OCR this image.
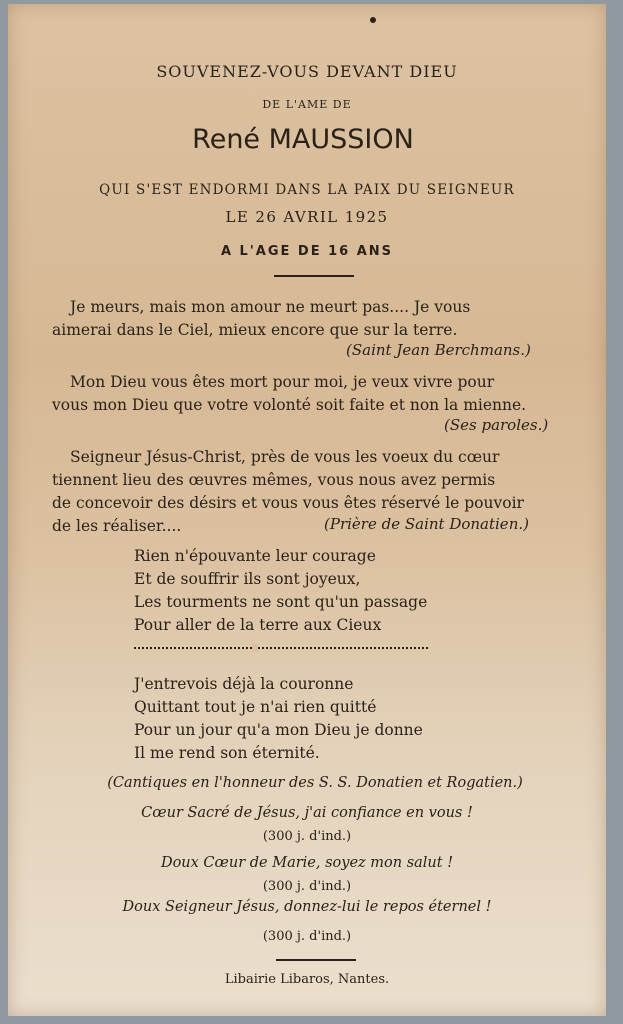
SOUVENEZ-VOUS DEVANT DIEU
DE L'AME DE
René MAUSSION
QUI S'EST ENDORMI DANS LA PAIX DU SEIGNEUR
LE 26 AVRIL 1925
A L'AGE DE 16 ANS
Je meurs, mais mon amour ne meurt pas.... Je vous
aimerai dans le Ciel, mieux encore que sur la terre.
(Saint Jean Berchmans.)
Mon Dieu vous êtes mort pour moi, je veux vivre pour
vous mon Dieu que votre volonté soit faite et non la mienne.
(Ses paroles.)
Seigneur Jésus-Christ, près de vous les voeux du cœur
tiennent lieu des œuvres mêmes, vous nous avez permis
de concevoir des désirs et vous vous êtes réservé le pouvoir
de les réaliser....	(Prière de Saint Donatien.)
Rien n'épouvante leur courage
Et de souffrir ils sont joyeux,
Les tourments ne sont qu'un passage
Pour aller de la terre aux Cieux
J'entrevois déjà la couronne
Quittant tout je n'ai rien quitté
Pour un jour qu'a mon Dieu je donne
Il me rend son éternité.
(Cantiques en l'honneur des S. S. Donatien et Rogatien.)
Cœur Sacré de Jésus, j'ai confiance en vous !
(300 j. d'ind.)
Doux Cœur de Marie, soyez mon salut !
(300 j. d'ind.)
Doux Seigneur Jésus, donnez-lui le repos éternel !
(300 j. d'ind.)
Libairie Libaros, Nantes.
